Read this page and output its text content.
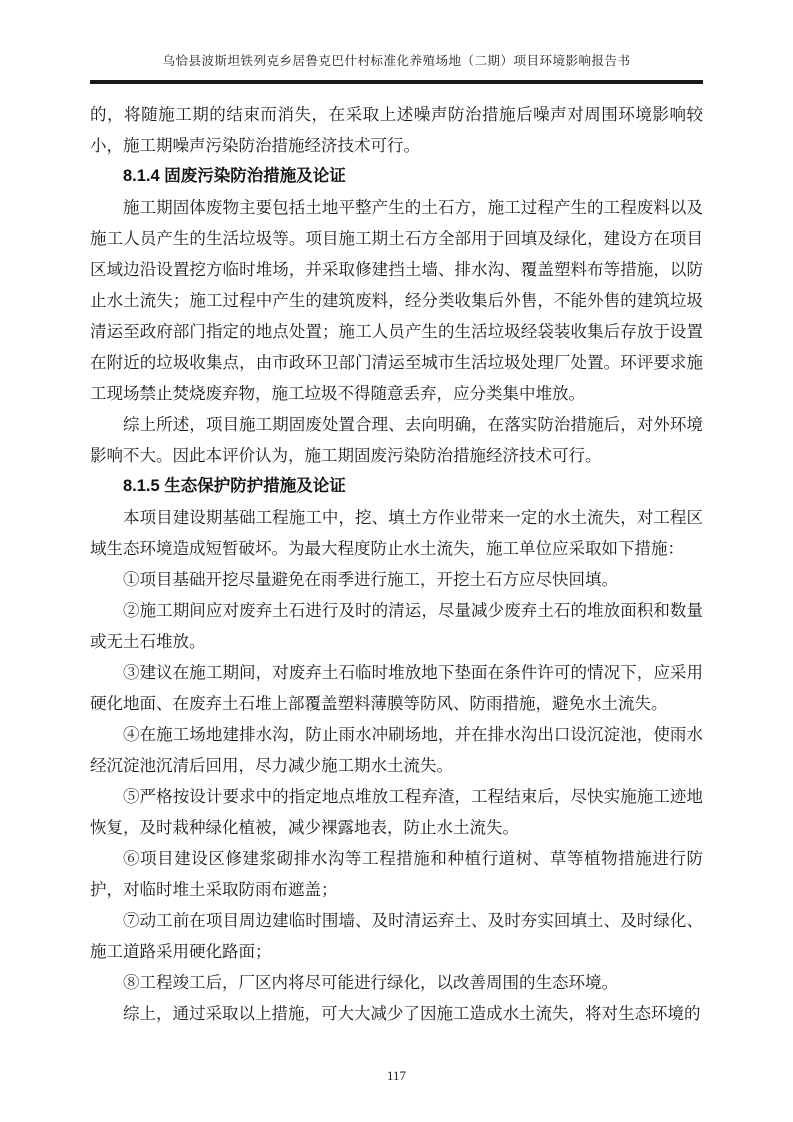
乌恰县波斯坦铁列克乡居鲁克巴什村标准化养殖场地（二期）项目环境影响报告书

的，将随施工期的结束而消失，在采取上述噪声防治措施后噪声对周围环境影响较小，施工期噪声污染防治措施经济技术可行。

8.1.4 固废污染防治措施及论证

施工期固体废物主要包括土地平整产生的土石方，施工过程产生的工程废料以及施工人员产生的生活垃圾等。项目施工期土石方全部用于回填及绿化，建设方在项目区域边沿设置挖方临时堆场，并采取修建挡土墙、排水沟、覆盖塑料布等措施，以防止水土流失；施工过程中产生的建筑废料，经分类收集后外售，不能外售的建筑垃圾清运至政府部门指定的地点处置；施工人员产生的生活垃圾经袋装收集后存放于设置在附近的垃圾收集点，由市政环卫部门清运至城市生活垃圾处理厂处置。环评要求施工现场禁止焚烧废弃物，施工垃圾不得随意丢弃，应分类集中堆放。

综上所述，项目施工期固废处置合理、去向明确，在落实防治措施后，对外环境影响不大。因此本评价认为，施工期固废污染防治措施经济技术可行。

8.1.5 生态保护防护措施及论证

本项目建设期基础工程施工中，挖、填土方作业带来一定的水土流失，对工程区域生态环境造成短暂破坏。为最大程度防止水土流失，施工单位应采取如下措施：

①项目基础开挖尽量避免在雨季进行施工，开挖土石方应尽快回填。

②施工期间应对废弃土石进行及时的清运，尽量减少废弃土石的堆放面积和数量或无土石堆放。

③建议在施工期间，对废弃土石临时堆放地下垫面在条件许可的情况下，应采用硬化地面、在废弃土石堆上部覆盖塑料薄膜等防风、防雨措施，避免水土流失。

④在施工场地建排水沟，防止雨水冲刷场地，并在排水沟出口设沉淀池，使雨水经沉淀池沉清后回用，尽力减少施工期水土流失。

⑤严格按设计要求中的指定地点堆放工程弃渣，工程结束后，尽快实施施工迹地恢复，及时栽种绿化植被，减少裸露地表，防止水土流失。

⑥项目建设区修建浆砌排水沟等工程措施和种植行道树、草等植物措施进行防护，对临时堆土采取防雨布遮盖；

⑦动工前在项目周边建临时围墙、及时清运弃土、及时夯实回填土、及时绿化、施工道路采用硬化路面；

⑧工程竣工后，厂区内将尽可能进行绿化，以改善周围的生态环境。

综上，通过采取以上措施，可大大减少了因施工造成水土流失，将对生态环境的

117
